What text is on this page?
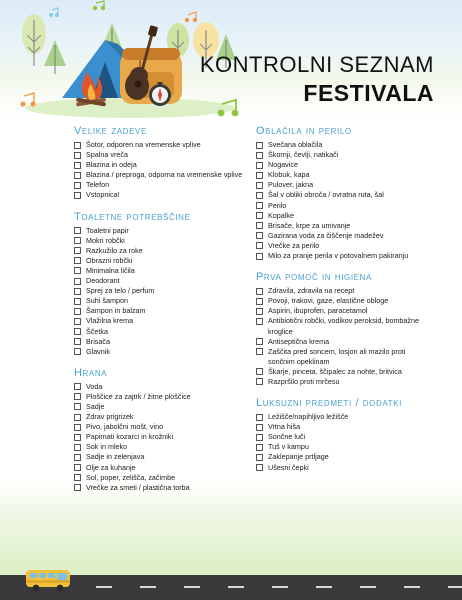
KONTROLNI SEZNAM
FESTIVALA
Velike zadeve
Šotor, odporen na vremenske vplive
Spalna vreča
Blazina in odeja
Blazina / preproga, odporna na vremenske vplive
Telefon
Vstopnica!
Toaletne potrebščine
Toaletni papir
Mokri robčki
Razkužilo za roke
Obrazni robčki
Minimalna ličila
Deodorant
Sprej za telo / perfum
Suhi šampon
Šampon in balzam
Vlažilna krema
Ščetka
Brisača
Glavnik
Hrana
Voda
Ploščice za zajtrk / žitne ploščice
Sadje
Zdrav prigrizek
Pivo, jabolčni mošt, vino
Papirnati kozarci in krožniki
Sok in mleko
Sadje in zelenjava
Olje za kuhanje
Sol, poper, zelišča, začimbe
Vrečke za smeti / plastična torba
Oblačila in perilo
Svečana oblačila
Škornji, čevlji, natikači
Nogavice
Klobuk, kapa
Pulover, jakna
Šal v obliki obroča / ovratna ruta, šal
Perilo
Kopalke
Brisače, krpe za umivanje
Gazirana voda za čiščenje madežev
Vrečke za perilo
Milo za pranje perila v potovalnem pakiranju
Prva pomoč in higiena
Zdravila, zdravila na recept
Povoji, trakovi, gaze, elastične obloge
Aspirin, ibuprofen, paracetamol
Antibiotični robčki, vodikov peroksid, bombažne kroglice
Antiseptična krema
Zaščita pred soncem, losjon ali mazilo proti sončnim opeklinam
Škarje, pinceta, ščipalec za nohte, britvica
Razpršilo proti mrčesu
Luksuzni predmeti / dodatki
Ležišče/napihljivo ležišče
Vrtna hiša
Sončne luči
Tuš v kampu
Zaklepanje prtljage
Ušesni čepki
